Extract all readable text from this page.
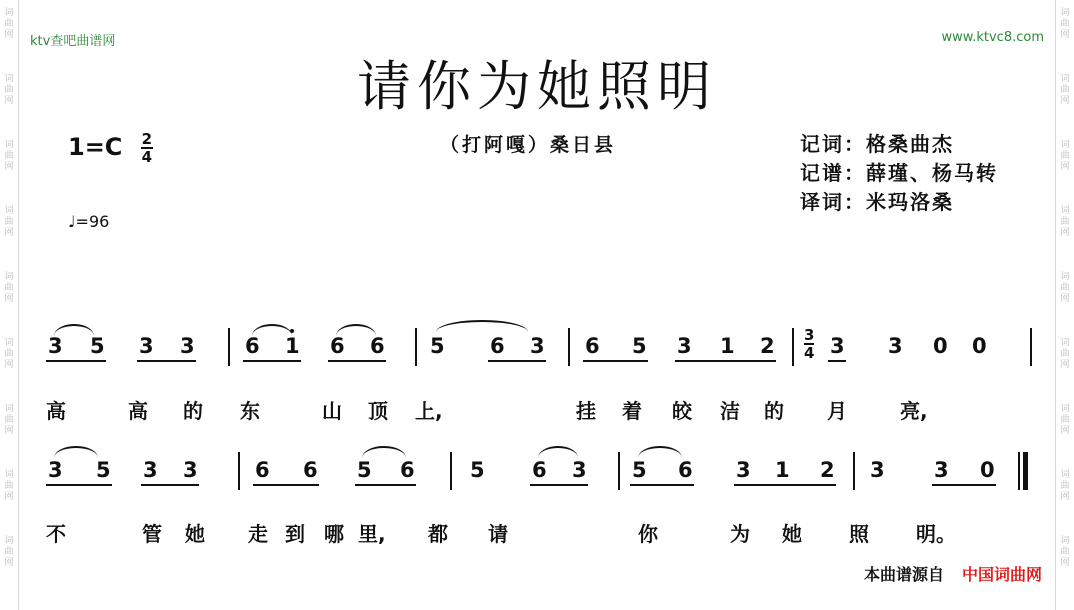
词
曲
网
词
曲
网
词
曲
网
词
曲
网
词
曲
网
词
曲
网
词
曲
网
词
曲
网
词
曲
网
词
曲
网
词
曲
网
词
曲
网
词
曲
网
词
曲
网
词
曲
网
词
曲
网
词
曲
网
词
曲
网
ktv查吧曲谱网	www.ktvc8.com
请你为她照明
$1=C \frac{2}{4}$
♩=96
（打阿嘎）桑日县	记词：格桑曲杰
记谱：薛瑾、杨马转
译词：米玛洛桑
3 5 3 3 6 1 6 6 5 6 3 6 5 3 1 2	3 3 0 0
3
4
高	高 的 东	山 顶 上,	挂 着 皎 洁 的 月	亮,
3 5 3 3	6 6 5 6	5 6 3 5 6 3 1 2 3 3 0
不	管 她 走 到 哪 里, 都 请	你	为 她 照 明。
本曲谱源自 中国词曲网
